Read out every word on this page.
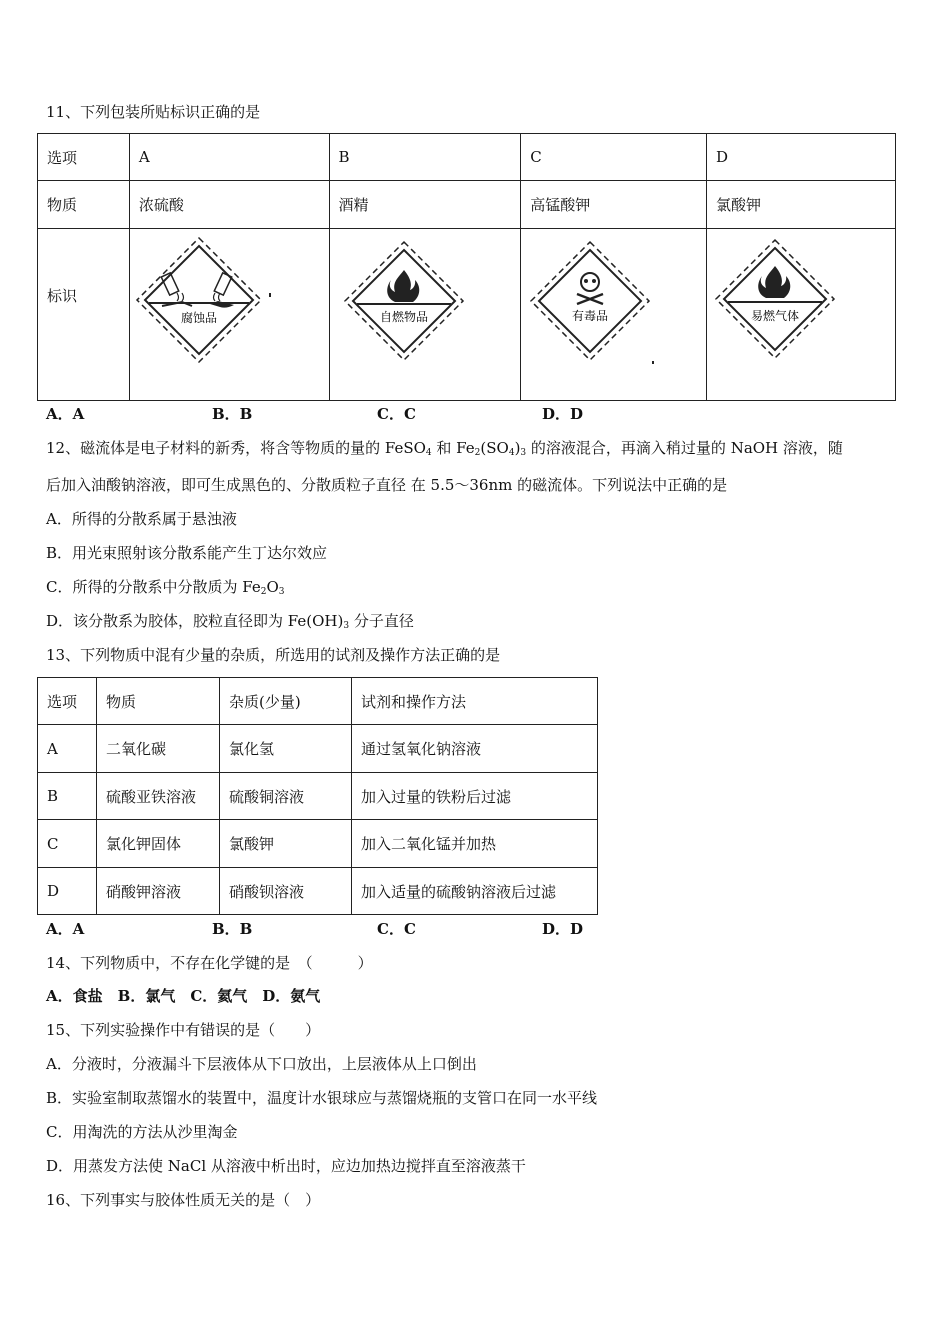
11、下列包装所贴标识正确的是
选项	A	B	C	D
物质	浓硫酸	酒精	高锰酸钾	氯酸钾
标识	腐蚀品	自燃物品	有毒品	易燃气体
A．A	B．B	C．C	D．D
12、磁流体是电子材料的新秀，将含等物质的量的 FeSO$_4$ 和 $Fe_2(SO_4)_3$ 的溶液混合，再滴入稍过量的 NaOH 溶液，随
后加入油酸钠溶液，即可生成黑色的、分散质粒子直径 在 5.5～36nm 的磁流体。下列说法中正确的是
A．所得的分散系属于悬浊液
B．用光束照射该分散系能产生丁达尔效应
C．所得的分散系中分散质为 $Fe_2O_3$
D．该分散系为胶体，胶粒直径即为 $Fe(OH)_3$ 分子直径
13、下列物质中混有少量的杂质，所选用的试剂及操作方法正确的是
选项	物质	杂质(少量)	试剂和操作方法
A	二氧化碳	氯化氢	通过氢氧化钠溶液
B	硫酸亚铁溶液	硫酸铜溶液	加入过量的铁粉后过滤
C	氯化钾固体	氯酸钾	加入二氧化锰并加热
D	硝酸钾溶液	硝酸钡溶液	加入适量的硫酸钠溶液后过滤
A．A	B．B	C．C	D．D
14、下列物质中，不存在化学键的是　（　　　）
A．食盐　B．氯气　C．氦气　D．氨气
15、下列实验操作中有错误的是（　　）
A．分液时，分液漏斗下层液体从下口放出，上层液体从上口倒出
B．实验室制取蒸馏水的装置中，温度计水银球应与蒸馏烧瓶的支管口在同一水平线
C．用淘洗的方法从沙里淘金
D．用蒸发方法使 NaCl 从溶液中析出时，应边加热边搅拌直至溶液蒸干
16、下列事实与胶体性质无关的是（　）
